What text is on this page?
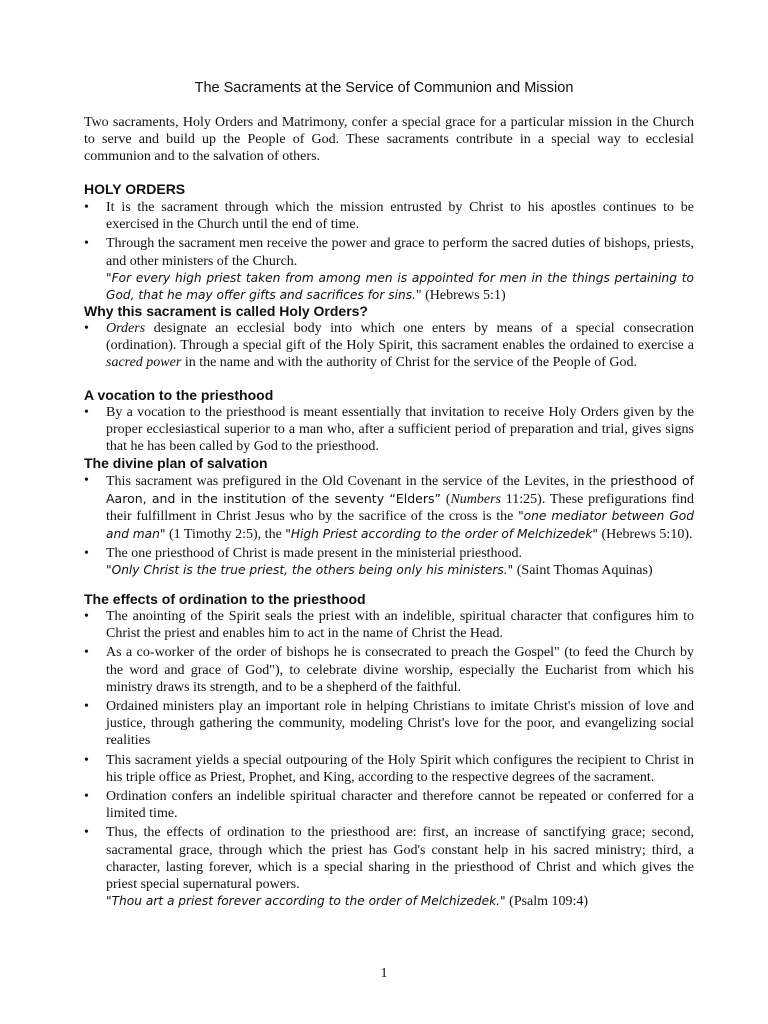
The Sacraments at the Service of Communion and Mission
Two sacraments, Holy Orders and Matrimony, confer a special grace for a particular mission in the Church to serve and build up the People of God. These sacraments contribute in a special way to ecclesial communion and to the salvation of others.
HOLY ORDERS
• It is the sacrament through which the mission entrusted by Christ to his apostles continues to be exercised in the Church until the end of time.
• Through the sacrament men receive the power and grace to perform the sacred duties of bishops, priests, and other ministers of the Church.
"For every high priest taken from among men is appointed for men in the things pertaining to God, that he may offer gifts and sacrifices for sins." (Hebrews 5:1)
Why this sacrament is called Holy Orders?
• Orders designate an ecclesial body into which one enters by means of a special consecration (ordination). Through a special gift of the Holy Spirit, this sacrament enables the ordained to exercise a sacred power in the name and with the authority of Christ for the service of the People of God.
A vocation to the priesthood
• By a vocation to the priesthood is meant essentially that invitation to receive Holy Orders given by the proper ecclesiastical superior to a man who, after a sufficient period of preparation and trial, gives signs that he has been called by God to the priesthood.
The divine plan of salvation
• This sacrament was prefigured in the Old Covenant in the service of the Levites, in the priesthood of Aaron, and in the institution of the seventy “Elders” (Numbers 11:25). These prefigurations find their fulfillment in Christ Jesus who by the sacrifice of the cross is the "one mediator between God and man" (1 Timothy 2:5), the "High Priest according to the order of Melchizedek" (Hebrews 5:10).
• The one priesthood of Christ is made present in the ministerial priesthood.
"Only Christ is the true priest, the others being only his ministers." (Saint Thomas Aquinas)
The effects of ordination to the priesthood
• The anointing of the Spirit seals the priest with an indelible, spiritual character that configures him to Christ the priest and enables him to act in the name of Christ the Head.
• As a co-worker of the order of bishops he is consecrated to preach the Gospel" (to feed the Church by the word and grace of God"), to celebrate divine worship, especially the Eucharist from which his ministry draws its strength, and to be a shepherd of the faithful.
• Ordained ministers play an important role in helping Christians to imitate Christ's mission of love and justice, through gathering the community, modeling Christ's love for the poor, and evangelizing social realities
• This sacrament yields a special outpouring of the Holy Spirit which configures the recipient to Christ in his triple office as Priest, Prophet, and King, according to the respective degrees of the sacrament.
• Ordination confers an indelible spiritual character and therefore cannot be repeated or conferred for a limited time.
• Thus, the effects of ordination to the priesthood are: first, an increase of sanctifying grace; second, sacramental grace, through which the priest has God's constant help in his sacred ministry; third, a character, lasting forever, which is a special sharing in the priesthood of Christ and which gives the priest special supernatural powers.
"Thou art a priest forever according to the order of Melchizedek." (Psalm 109:4)
1
